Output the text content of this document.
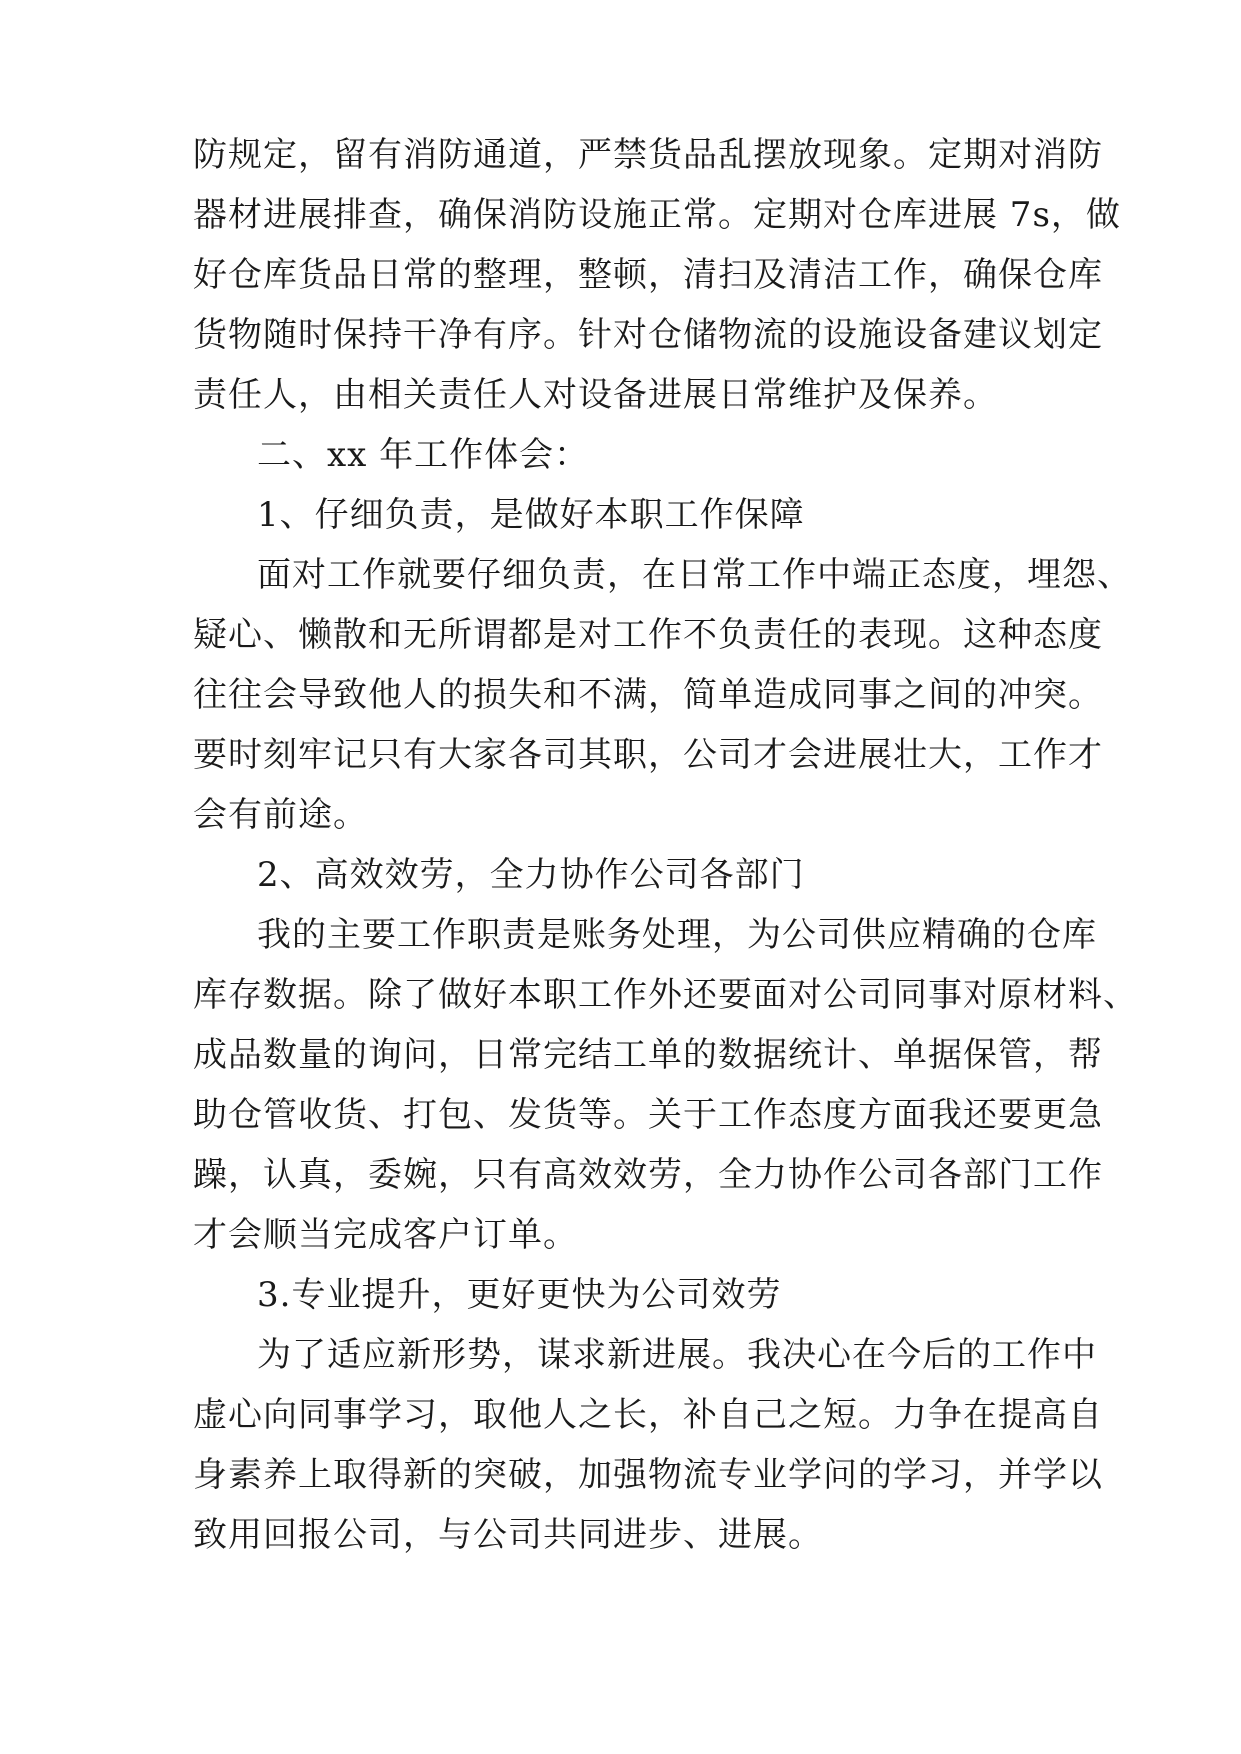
防规定，留有消防通道，严禁货品乱摆放现象。定期对消防
器材进展排查，确保消防设施正常。定期对仓库进展 7s，做
好仓库货品日常的整理，整顿，清扫及清洁工作，确保仓库
货物随时保持干净有序。针对仓储物流的设施设备建议划定
责任人，由相关责任人对设备进展日常维护及保养。
二、xx 年工作体会：
1、仔细负责，是做好本职工作保障
面对工作就要仔细负责，在日常工作中端正态度，埋怨、
疑心、懒散和无所谓都是对工作不负责任的表现。这种态度
往往会导致他人的损失和不满，简单造成同事之间的冲突。
要时刻牢记只有大家各司其职，公司才会进展壮大，工作才
会有前途。
2、高效效劳，全力协作公司各部门
我的主要工作职责是账务处理，为公司供应精确的仓库
库存数据。除了做好本职工作外还要面对公司同事对原材料、
成品数量的询问，日常完结工单的数据统计、单据保管，帮
助仓管收货、打包、发货等。关于工作态度方面我还要更急
躁，认真，委婉，只有高效效劳，全力协作公司各部门工作
才会顺当完成客户订单。
3.专业提升，更好更快为公司效劳
为了适应新形势，谋求新进展。我决心在今后的工作中
虚心向同事学习，取他人之长，补自己之短。力争在提高自
身素养上取得新的突破，加强物流专业学问的学习，并学以
致用回报公司，与公司共同进步、进展。
